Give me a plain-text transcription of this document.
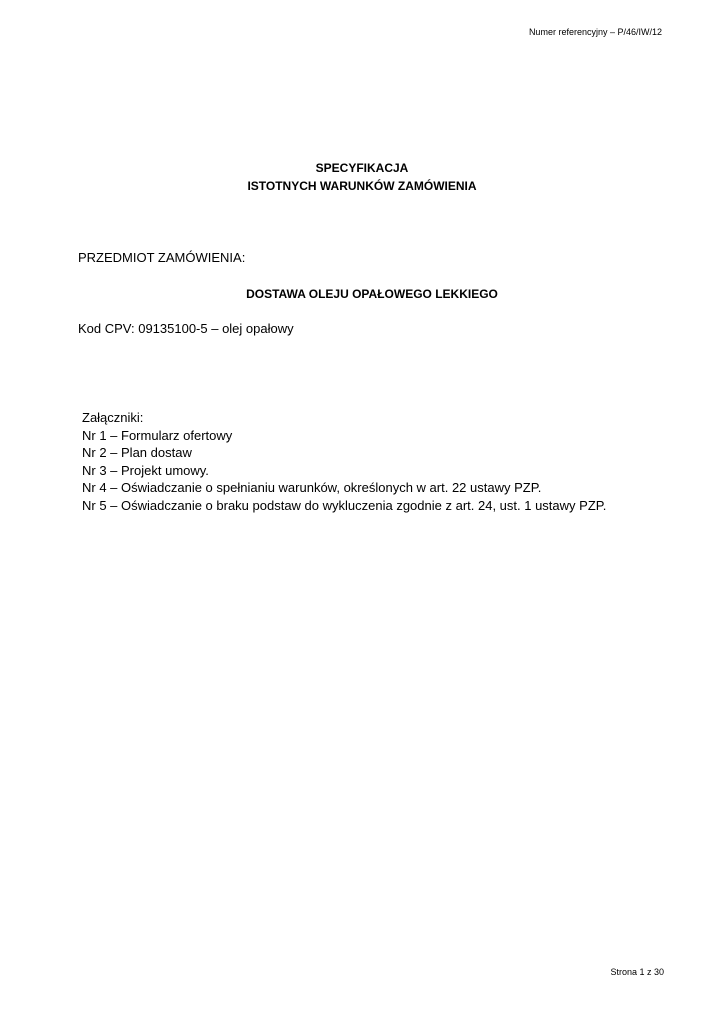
Numer referencyjny – P/46/IW/12
SPECYFIKACJA
ISTOTNYCH WARUNKÓW ZAMÓWIENIA
PRZEDMIOT ZAMÓWIENIA:
DOSTAWA OLEJU OPAŁOWEGO LEKKIEGO
Kod CPV: 09135100-5 – olej opałowy
Załączniki:
Nr 1 – Formularz ofertowy
Nr 2 – Plan dostaw
Nr 3 – Projekt umowy.
Nr 4 – Oświadczanie o spełnianiu warunków, określonych w art. 22 ustawy PZP.
Nr 5 – Oświadczanie o braku podstaw do wykluczenia zgodnie z art. 24, ust. 1 ustawy PZP.
Strona 1 z 30
